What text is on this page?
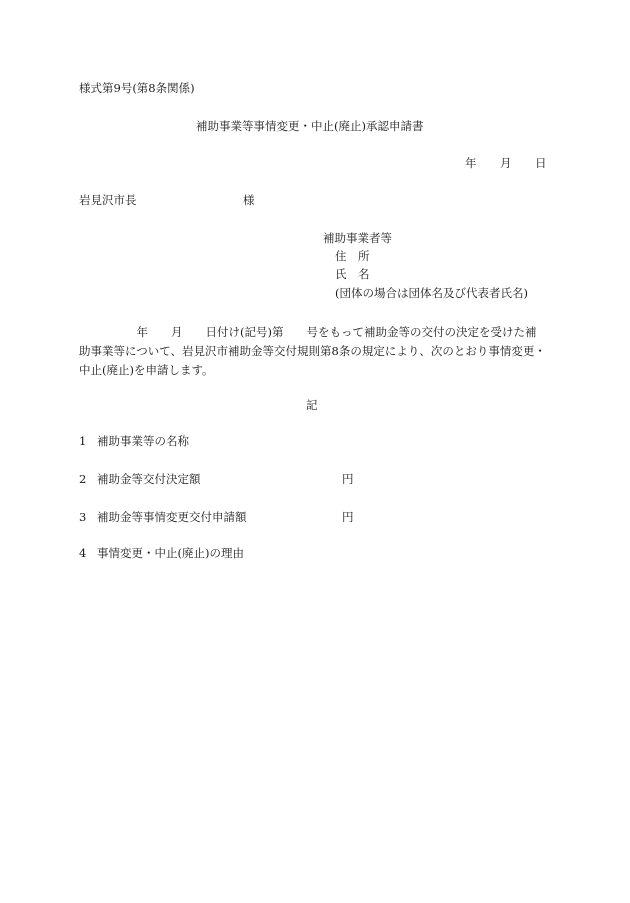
様式第9号(第8条関係)
補助事業等事情変更・中止(廃止)承認申請書
年 月 日
岩見沢市長	様
補助事業者等
住　所
氏　名
(団体の場合は団体名及び代表者氏名)
　　　　　年　　月　　日付け(記号)第　　号をもって補助金等の交付の決定を受けた補
助事業等について、岩見沢市補助金等交付規則第8条の規定により、次のとおり事情変更・
中止(廃止)を申請します。
記
1 補助事業等の名称
2 補助金等交付決定額	円
3 補助金等事情変更交付申請額	円
4 事情変更・中止(廃止)の理由
